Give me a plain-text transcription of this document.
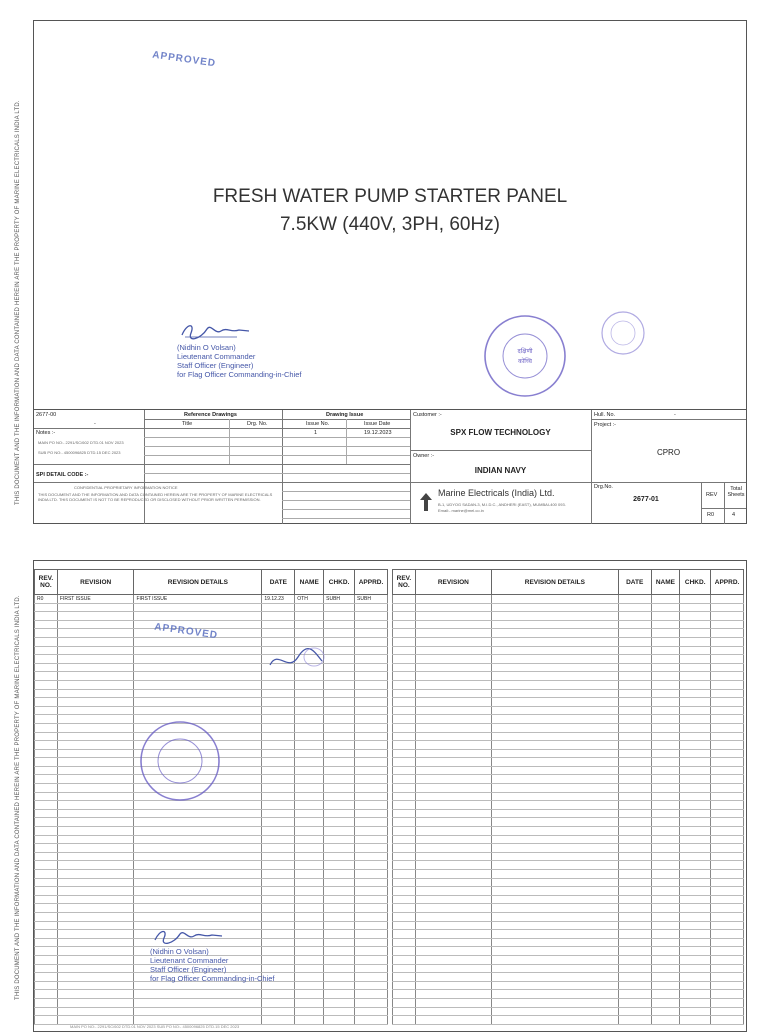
APPROVED
FRESH WATER PUMP STARTER PANEL
7.5KW (440V, 3PH, 60Hz)
(Nidhin O Volsan)
Lieutenant Commander
Staff Officer (Engineer)
for Flag Officer Commanding-in-Chief
दक्षिणी
कोच्चि
2677-00
-
Reference Drawings
Title	Drg. No.
Drawing Issue
Issue No.	Issue Date
1	19.12.2023
Notes :-
MAIN PO NO:- 2291/SC/602 DTD.01 NOV 2023
SUB PO NO:- 4500096825 DTD.15 DEC 2023
SPI DETAIL CODE :-
CONFIDENTIAL PROPRIETARY INFORMATION NOTICE
THIS DOCUMENT AND THE INFORMATION AND DATA CONTAINED HEREIN ARE THE PROPERTY OF MARINE ELECTRICALS INDIA LTD. THIS DOCUMENT IS NOT TO BE REPRODUCED OR DISCLOSED WITHOUT PRIOR WRITTEN PERMISSION.
Customer :-
SPX FLOW TECHNOLOGY
Owner :-
INDIAN NAVY
Marine Electricals (India) Ltd.
B-1, UDYOG SADAN-3, M.I.D.C., ANDHERI (EAST), MUMBAI-400 093.
Email:- marine@mel.co.in
Hull. No.	-
Project :-
CPRO
Drg.No.
2677-01
REV
Total Sheets
R0	4
THIS DOCUMENT AND THE INFORMATION AND DATA CONTAINED HEREIN ARE THE PROPERTY OF MARINE ELECTRICALS INDIA LTD.
REV. NO.	REVISION	REVISION DETAILS	DATE	NAME	CHKD.	APPRD.
R0	FIRST ISSUE	FIRST ISSUE	19.12.23	OTH	SUBH	SUBH

REV. NO.	REVISION	REVISION DETAILS	DATE	NAME	CHKD.	APPRD.

APPROVED
(Nidhin O Volsan)
Lieutenant Commander
Staff Officer (Engineer)
for Flag Officer Commanding-in-Chief
MAIN PO NO:- 2291/SC/602 DTD.01 NOV 2023 SUB PO NO:- 4500096825 DTD.15 DEC 2023
THIS DOCUMENT AND THE INFORMATION AND DATA CONTAINED HEREIN ARE THE PROPERTY OF MARINE ELECTRICALS INDIA LTD.
